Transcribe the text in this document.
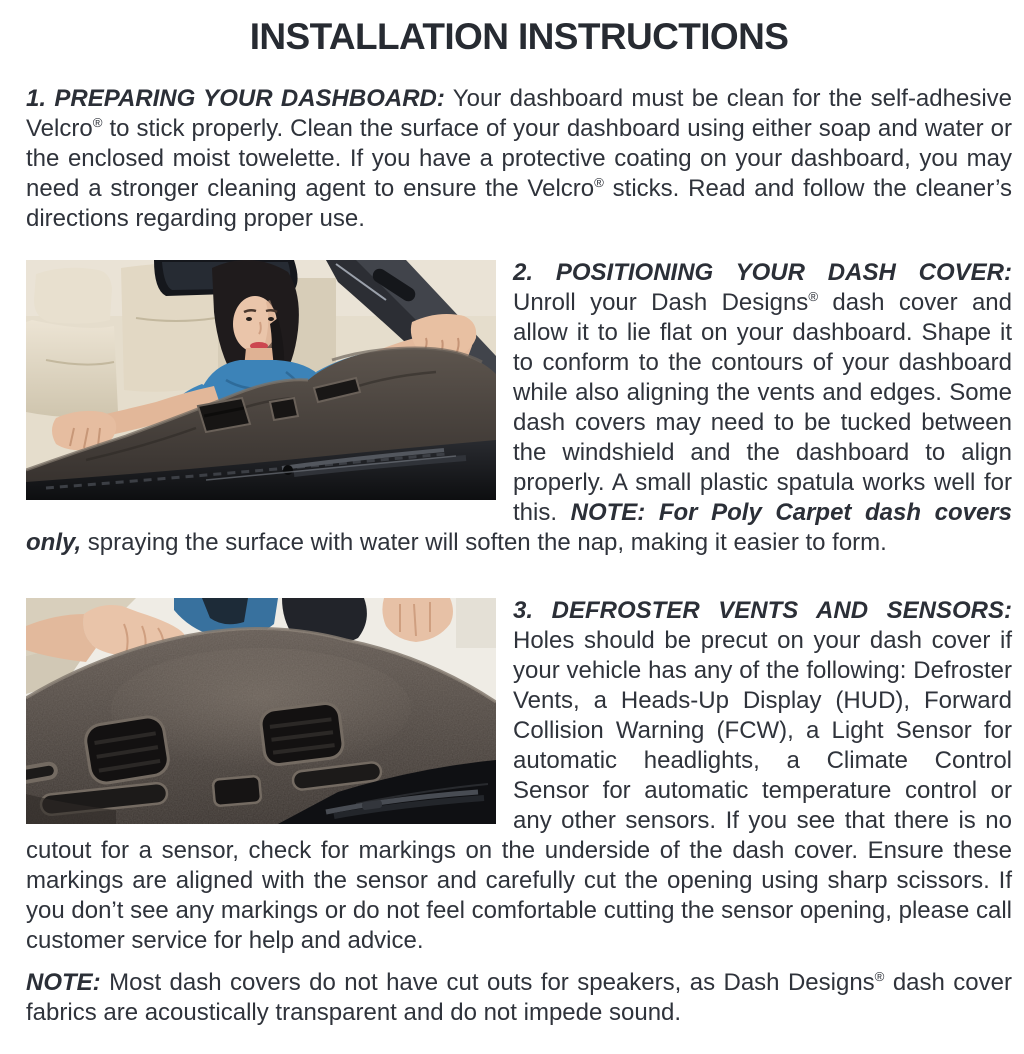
INSTALLATION INSTRUCTIONS
1. PREPARING YOUR DASHBOARD: Your dashboard must be clean for the self-adhesive Velcro® to stick properly. Clean the surface of your dashboard using either soap and water or the enclosed moist towelette. If you have a protective coating on your dashboard, you may need a stronger cleaning agent to ensure the Velcro® sticks. Read and follow the cleaner’s directions regarding proper use.
2. POSITIONING YOUR DASH COVER: Unroll your Dash Designs® dash cover and allow it to lie flat on your dashboard. Shape it to conform to the contours of your dashboard while also aligning the vents and edges. Some dash covers may need to be tucked between the windshield and the dashboard to align properly. A small plastic spatula works well for this. NOTE: For Poly Carpet dash covers only, spraying the surface with water will soften the nap, making it easier to form.
3. DEFROSTER VENTS AND SENSORS: Holes should be precut on your dash cover if your vehicle has any of the following: Defroster Vents, a Heads-Up Display (HUD), Forward Collision Warning (FCW), a Light Sensor for automatic headlights, a Climate Control Sensor for automatic temperature control or any other sensors. If you see that there is no cutout for a sensor, check for markings on the underside of the dash cover. Ensure these markings are aligned with the sensor and carefully cut the opening using sharp scissors. If you don’t see any markings or do not feel comfortable cutting the sensor opening, please call customer service for help and advice.
NOTE: Most dash covers do not have cut outs for speakers, as Dash Designs® dash cover fabrics are acoustically transparent and do not impede sound.
